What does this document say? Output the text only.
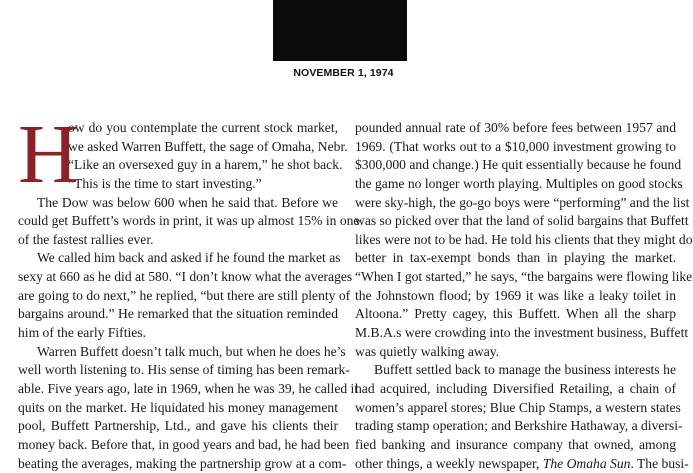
NOVEMBER 1, 1974
H
ow do you contemplate the current stock market,
we asked Warren Buffett, the sage of Omaha, Nebr.
“Like an oversexed guy in a harem,” he shot back.
“This is the time to start investing.”
The Dow was below 600 when he said that. Before we
could get Buffett’s words in print, it was up almost 15% in one
of the fastest rallies ever.
We called him back and asked if he found the market as
sexy at 660 as he did at 580. “I don’t know what the averages
are going to do next,” he replied, “but there are still plenty of
bargains around.” He remarked that the situation reminded
him of the early Fifties.
Warren Buffett doesn’t talk much, but when he does he’s
well worth listening to. His sense of timing has been remark-
able. Five years ago, late in 1969, when he was 39, he called it
quits on the market. He liquidated his money management
pool, Buffett Partnership, Ltd., and gave his clients their
money back. Before that, in good years and bad, he had been
beating the averages, making the partnership grow at a com-
pounded annual rate of 30% before fees between 1957 and
1969. (That works out to a $10,000 investment growing to
$300,000 and change.) He quit essentially because he found
the game no longer worth playing. Multiples on good stocks
were sky-high, the go-go boys were “performing” and the list
was so picked over that the land of solid bargains that Buffett
likes were not to be had. He told his clients that they might do
better in tax-exempt bonds than in playing the market.
“When I got started,” he says, “the bargains were flowing like
the Johnstown flood; by 1969 it was like a leaky toilet in
Altoona.” Pretty cagey, this Buffett. When all the sharp
M.B.A.s were crowding into the investment business, Buffett
was quietly walking away.
Buffett settled back to manage the business interests he
had acquired, including Diversified Retailing, a chain of
women’s apparel stores; Blue Chip Stamps, a western states
trading stamp operation; and Berkshire Hathaway, a diversi-
fied banking and insurance company that owned, among
other things, a weekly newspaper, The Omaha Sun. The busi-
